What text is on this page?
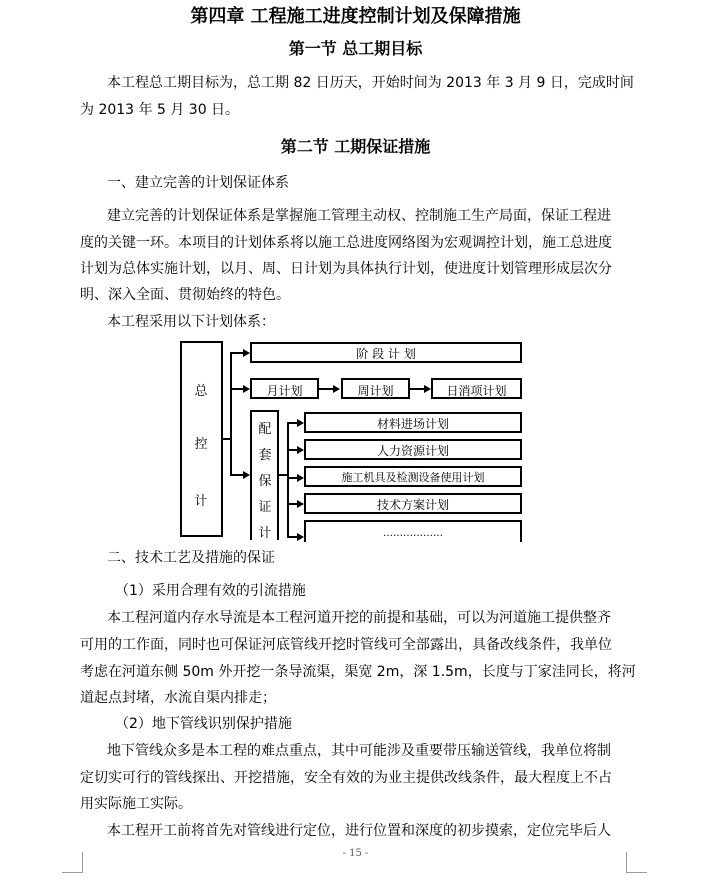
第四章 工程施工进度控制计划及保障措施
第一节 总工期目标
本工程总工期目标为，总工期 82 日历天，开始时间为 2013 年 3 月 9 日，完成时间
为 2013 年 5 月 30 日。
第二节 工期保证措施
一、建立完善的计划保证体系
建立完善的计划保证体系是掌握施工管理主动权、控制施工生产局面，保证工程进
度的关键一环。本项目的计划体系将以施工总进度网络图为宏观调控计划，施工总进度
计划为总体实施计划，以月、周、日计划为具体执行计划，使进度计划管理形成层次分
明、深入全面、贯彻始终的特色。
本工程采用以下计划体系：
总
控
计
阶 段 计 划
月计划	周计划	日消项计划
配
套
保
证
计
材料进场计划
人力资源计划
施工机具及检测设备使用计划
技术方案计划
………………
二、技术工艺及措施的保证
（1）采用合理有效的引流措施
本工程河道内存水导流是本工程河道开挖的前提和基础，可以为河道施工提供整齐
可用的工作面，同时也可保证河底管线开挖时管线可全部露出，具备改线条件，我单位
考虑在河道东侧 50m 外开挖一条导流渠，渠宽 2m，深 1.5m，长度与丁家洼同长，将河
道起点封堵，水流自渠内排走；
（2）地下管线识别保护措施
地下管线众多是本工程的难点重点，其中可能涉及重要带压输送管线，我单位将制
定切实可行的管线探出、开挖措施，安全有效的为业主提供改线条件，最大程度上不占
用实际施工实际。
本工程开工前将首先对管线进行定位，进行位置和深度的初步摸索，定位完毕后人
- 15 -
